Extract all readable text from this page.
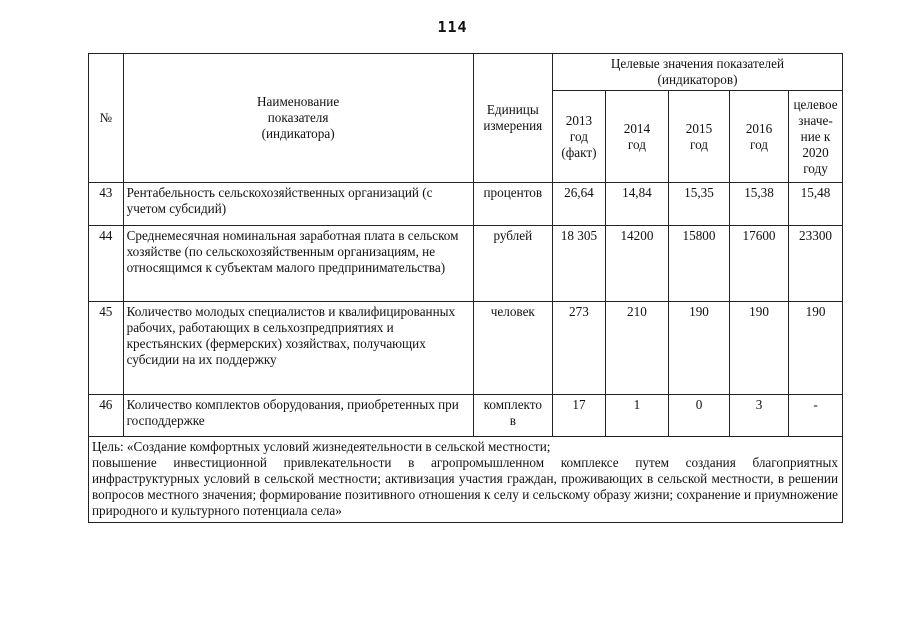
114
№	Наименование
показателя
(индикатора)	Единицы
измерения	Целевые значения показателей
(индикаторов)				

			2013
год
(факт)	2014
год	2015
год	2016
год	целевое
значе-
ние к
2020
году

43	Рентабельность сельскохозяйственных организаций (с учетом субсидий)	процентов	26,64	14,84	15,35	15,38	15,48
44	Среднемесячная номинальная заработная плата в сельском хозяйстве (по сельскохозяйственным организациям, не относящимся к субъектам малого предпринимательства)	рублей	18 305	14200	15800	17600	23300
45	Количество молодых специалистов и квалифицированных рабочих, работающих в сельхозпредприятиях и крестьянских (фермерских) хозяйствах, получающих субсидии на их поддержку	человек	273	210	190	190	190
46	Количество комплектов оборудования, приобретенных при господдержке	комплекто
в	17	1	0	3	-

Цель: «Создание комфортных условий жизнедеятельности в сельской местности;
повышение инвестиционной привлекательности в агропромышленном комплексе путем создания благоприятных инфраструктурных условий в сельской местности; активизация участия граждан, проживающих в сельской местности, в решении вопросов местного значения; формирование позитивного отношения к селу и сельскому образу жизни; сохранение и приумножение природного и культурного потенциала села»							
